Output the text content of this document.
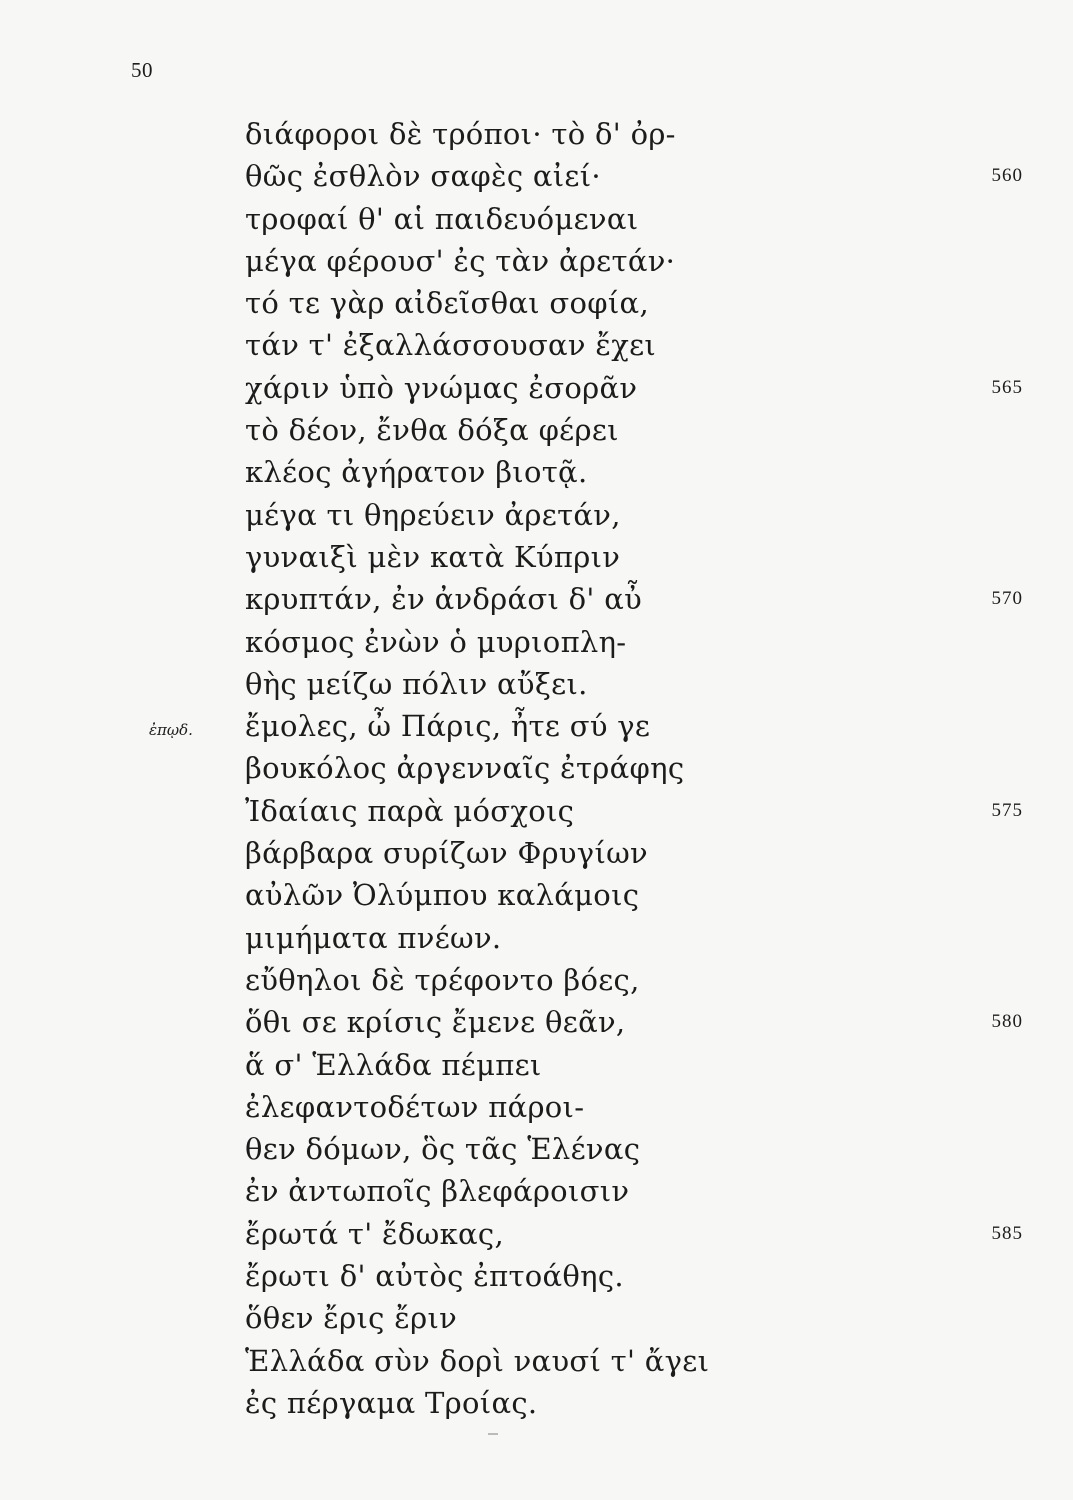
50
διάφοροι δὲ τρόποι· τὸ δ' ὀρ-
θῶς ἐσθλὸν σαφὲς αἰεί·	560
τροφαί θ' αἱ παιδευόμεναι
μέγα φέρουσ' ἐς τὰν ἀρετάν·
τό τε γὰρ αἰδεῖσθαι σοφία,
τάν τ' ἐξαλλάσσουσαν ἔχει
χάριν ὑπὸ γνώμας ἐσορᾶν	565
τὸ δέον, ἔνθα δόξα φέρει
κλέος ἀγήρατον βιοτᾷ.
μέγα τι θηρεύειν ἀρετάν,
γυναιξὶ μὲν κατὰ Κύπριν
κρυπτάν, ἐν ἀνδράσι δ' αὖ	570
κόσμος ἐνὼν ὁ μυριοπλη-
θὴς μείζω πόλιν αὔξει.
ἐπῳδ. ἔμολες, ὦ Πάρις, ἦτε σύ γε
βουκόλος ἀργενναῖς ἐτράφης
Ἰδαίαις παρὰ μόσχοις	575
βάρβαρα συρίζων Φρυγίων
αὐλῶν Ὀλύμπου καλάμοις
μιμήματα πνέων.
εὔθηλοι δὲ τρέφοντο βόες,
ὅθι σε κρίσις ἔμενε θεᾶν,	580
ἅ σ' Ἑλλάδα πέμπει
ἐλεφαντοδέτων πάροι-
θεν δόμων, ὃς τᾶς Ἑλένας
ἐν ἀντωποῖς βλεφάροισιν
ἔρωτά τ' ἔδωκας,	585
ἔρωτι δ' αὐτὸς ἐπτοάθης.
ὅθεν ἔρις ἔριν
Ἑλλάδα σὺν δορὶ ναυσί τ' ἄγει
ἐς πέργαμα Τροίας.
